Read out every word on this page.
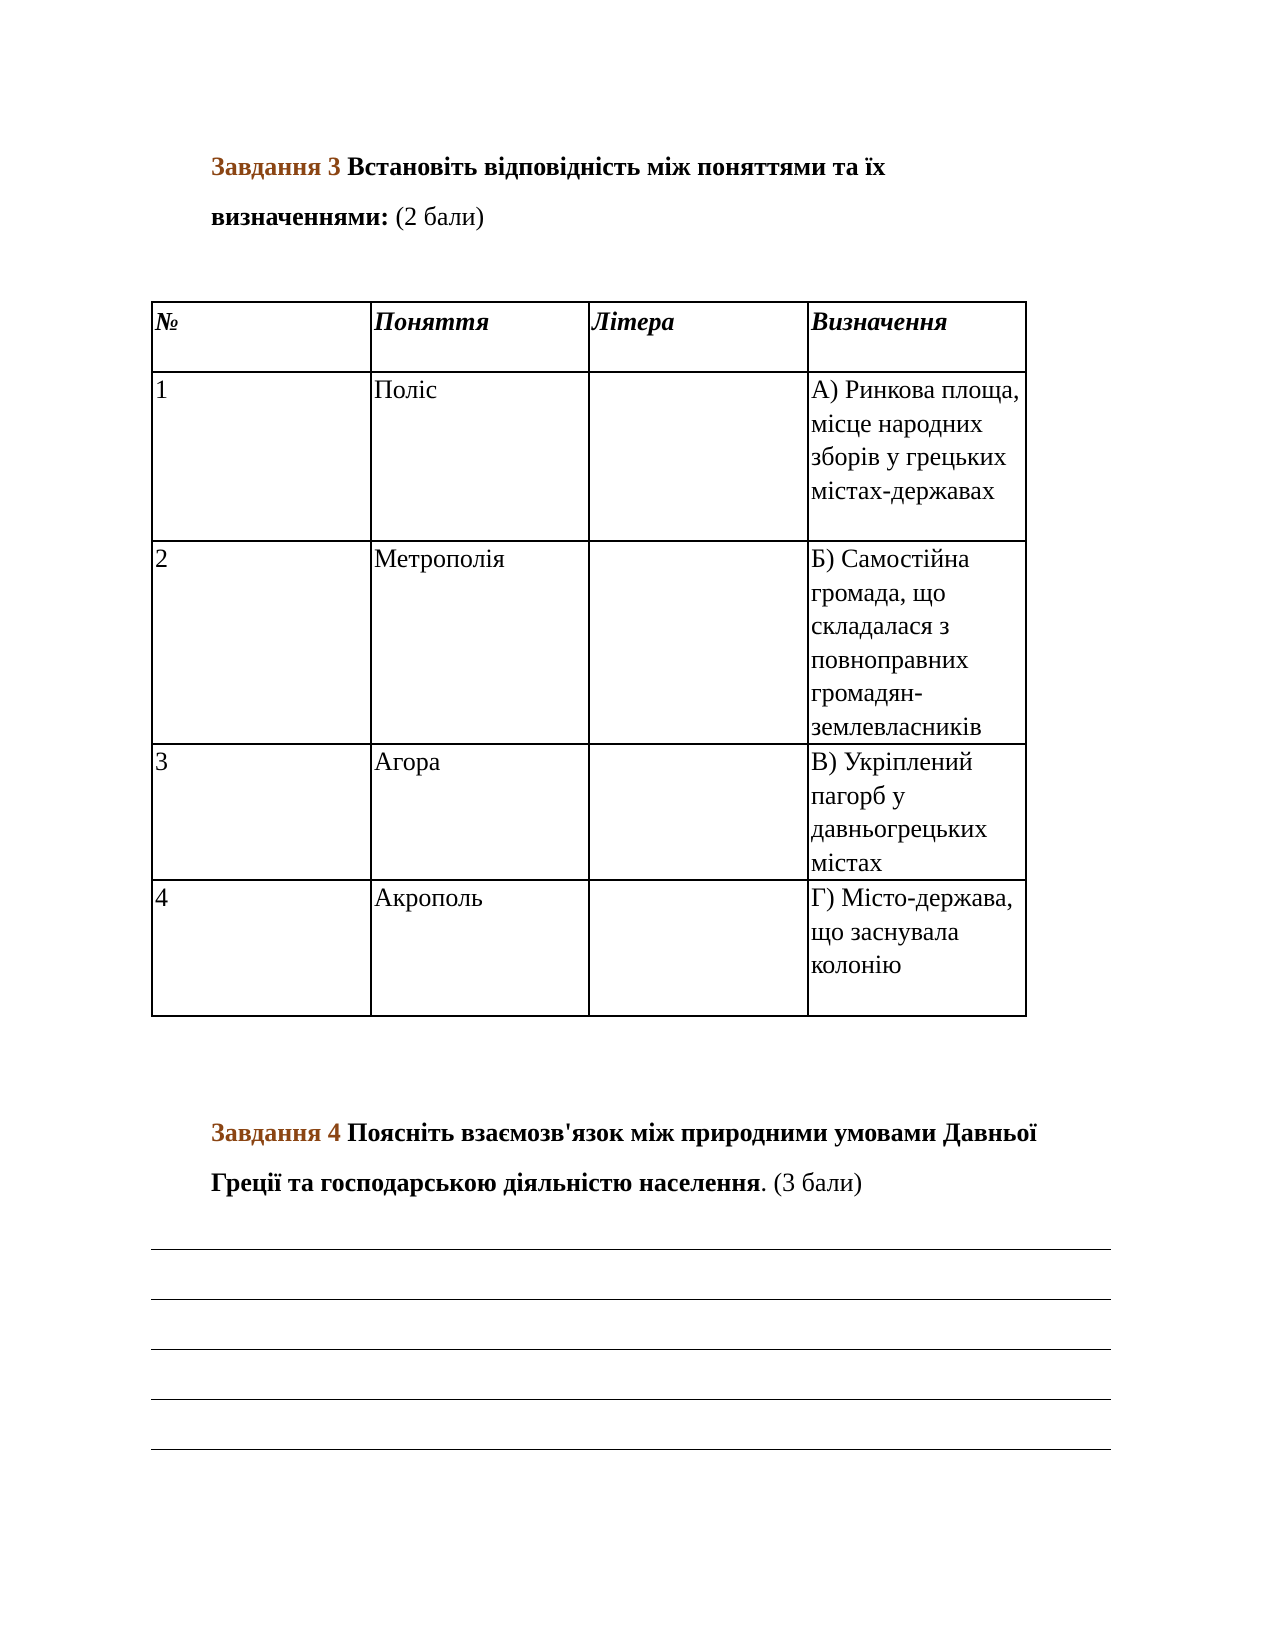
Завдання 3 Встановіть відповідність між поняттями та їх визначеннями: (2 бали)
№	Поняття	Літера	Визначення
1	Поліс		А) Ринкова площа, місце народних зборів у грецьких містах-державах
2	Метрополія		Б) Самостійна громада, що складалася з повноправних громадян-землевласників
3	Агора		В) Укріплений пагорб у давньогрецьких містах
4	Акрополь		Г) Місто-держава, що заснувала колонію
Завдання 4 Поясніть взаємозв'язок між природними умовами Давньої Греції та господарською діяльністю населення. (3 бали)
